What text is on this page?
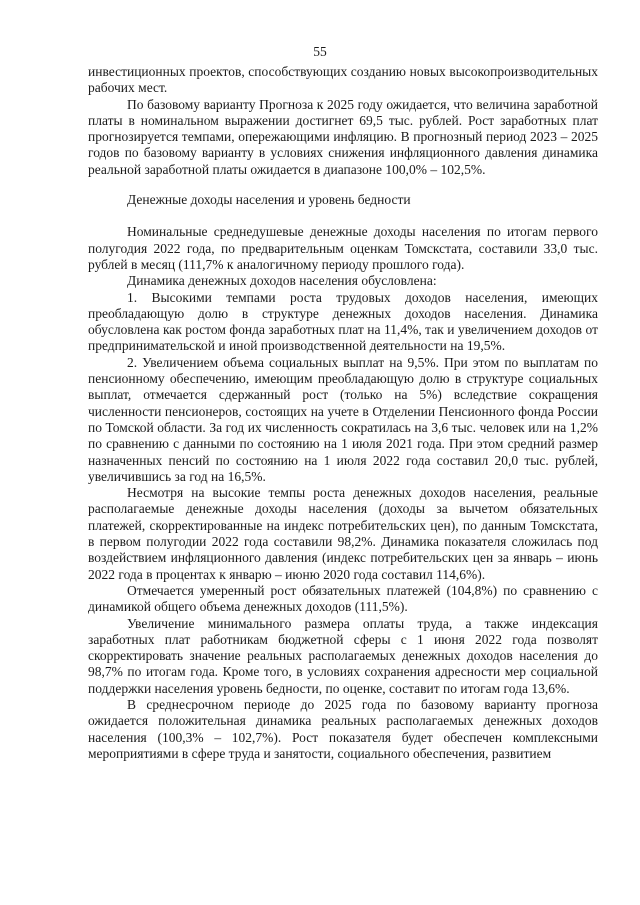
55

инвестиционных проектов, способствующих созданию новых высокопроизводительных рабочих мест.

По базовому варианту Прогноза к 2025 году ожидается, что величина заработной платы в номинальном выражении достигнет 69,5 тыс. рублей. Рост заработных плат прогнозируется темпами, опережающими инфляцию. В прогнозный период 2023 – 2025 годов по базовому варианту в условиях снижения инфляционного давления динамика реальной заработной платы ожидается в диапазоне 100,0% – 102,5%.

Денежные доходы населения и уровень бедности

Номинальные среднедушевые денежные доходы населения по итогам первого полугодия 2022 года, по предварительным оценкам Томскстата, составили 33,0 тыс. рублей в месяц (111,7% к аналогичному периоду прошлого года).

Динамика денежных доходов населения обусловлена:

1. Высокими темпами роста трудовых доходов населения, имеющих преобладающую долю в структуре денежных доходов населения. Динамика обусловлена как ростом фонда заработных плат на 11,4%, так и увеличением доходов от предпринимательской и иной производственной деятельности на 19,5%.

2. Увеличением объема социальных выплат на 9,5%. При этом по выплатам по пенсионному обеспечению, имеющим преобладающую долю в структуре социальных выплат, отмечается сдержанный рост (только на 5%) вследствие сокращения численности пенсионеров, состоящих на учете в Отделении Пенсионного фонда России по Томской области. За год их численность сократилась на 3,6 тыс. человек или на 1,2% по сравнению с данными по состоянию на 1 июля 2021 года. При этом средний размер назначенных пенсий по состоянию на 1 июля 2022 года составил 20,0 тыс. рублей, увеличившись за год на 16,5%.

Несмотря на высокие темпы роста денежных доходов населения, реальные располагаемые денежные доходы населения (доходы за вычетом обязательных платежей, скорректированные на индекс потребительских цен), по данным Томскстата, в первом полугодии 2022 года составили 98,2%. Динамика показателя сложилась под воздействием инфляционного давления (индекс потребительских цен за январь – июнь 2022 года в процентах к январю – июню 2020 года составил 114,6%).

Отмечается умеренный рост обязательных платежей (104,8%) по сравнению с динамикой общего объема денежных доходов (111,5%).

Увеличение минимального размера оплаты труда, а также индексация заработных плат работникам бюджетной сферы с 1 июня 2022 года позволят скорректировать значение реальных располагаемых денежных доходов населения до 98,7% по итогам года. Кроме того, в условиях сохранения адресности мер социальной поддержки населения уровень бедности, по оценке, составит по итогам года 13,6%.

В среднесрочном периоде до 2025 года по базовому варианту прогноза ожидается положительная динамика реальных располагаемых денежных доходов населения (100,3% – 102,7%). Рост показателя будет обеспечен комплексными мероприятиями в сфере труда и занятости, социального обеспечения, развитием
